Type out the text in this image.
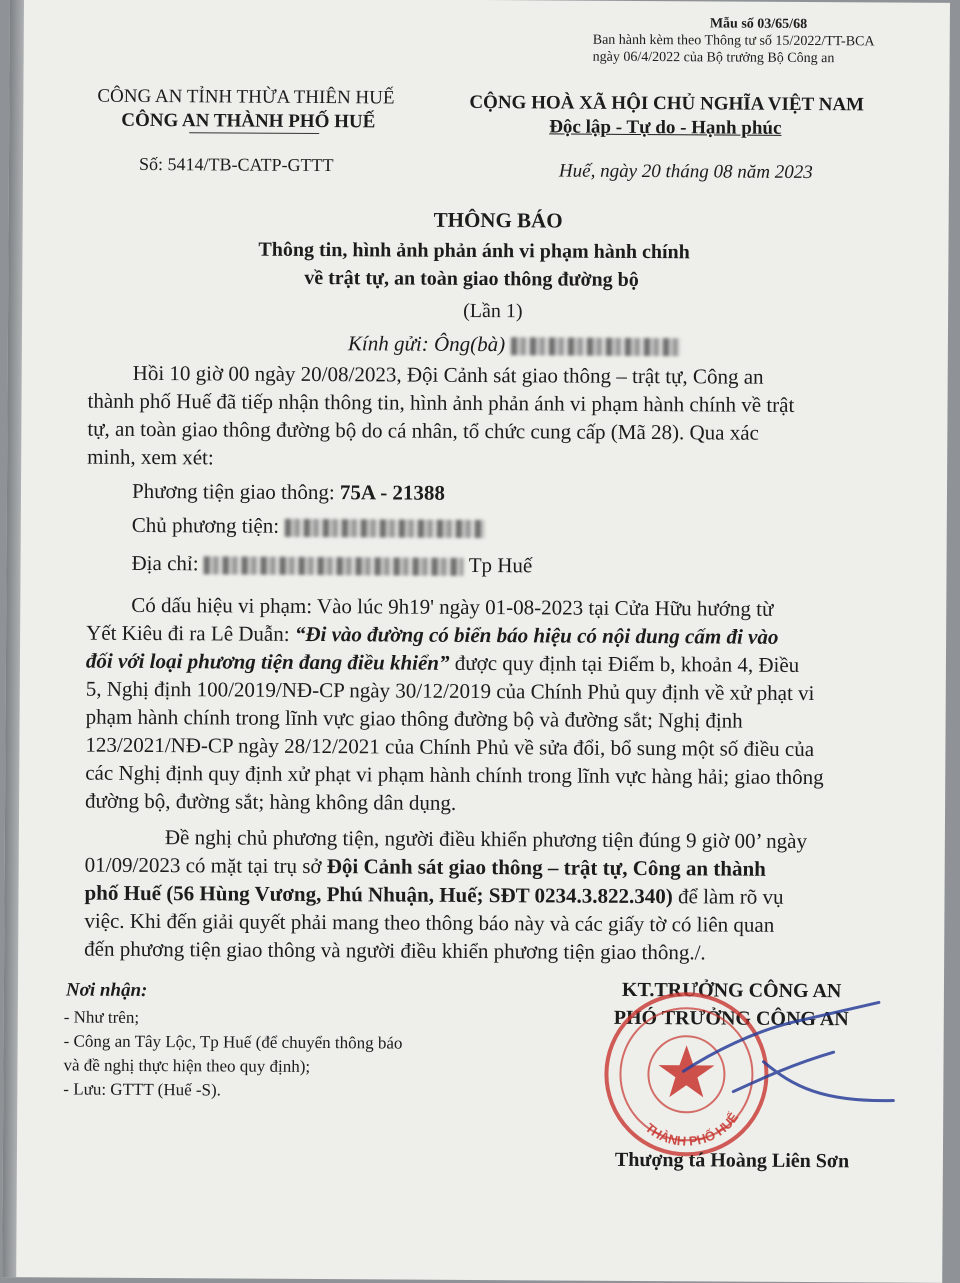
Mẫu số 03/65/68
Ban hành kèm theo Thông tư số 15/2022/TT-BCA
ngày 06/4/2022 của Bộ trưởng Bộ Công an
CÔNG AN TỈNH THỪA THIÊN HUẾ
CÔNG AN THÀNH PHỐ HUẾ
Số: 5414/TB-CATP-GTTT
CỘNG HOÀ XÃ HỘI CHỦ NGHĨA VIỆT NAM
Độc lập - Tự do - Hạnh phúc
Huế, ngày 20 tháng 08 năm 2023
THÔNG BÁO
Thông tin, hình ảnh phản ánh vi phạm hành chính
về trật tự, an toàn giao thông đường bộ
(Lần 1)
Kính gửi: Ông(bà)
Hồi 10 giờ 00 ngày 20/08/2023, Đội Cảnh sát giao thông – trật tự, Công an
thành phố Huế đã tiếp nhận thông tin, hình ảnh phản ánh vi phạm hành chính về trật
tự, an toàn giao thông đường bộ do cá nhân, tổ chức cung cấp (Mã 28). Qua xác
minh, xem xét:
Phương tiện giao thông: 75A - 21388
Chủ phương tiện:
Địa chỉ:	Tp Huế
Có dấu hiệu vi phạm: Vào lúc 9h19' ngày 01-08-2023 tại Cửa Hữu hướng từ
Yết Kiêu đi ra Lê Duẫn: “Đi vào đường có biển báo hiệu có nội dung cấm đi vào
đối với loại phương tiện đang điều khiển” được quy định tại Điểm b, khoản 4, Điều
5, Nghị định 100/2019/NĐ-CP ngày 30/12/2019 của Chính Phủ quy định về xử phạt vi
phạm hành chính trong lĩnh vực giao thông đường bộ và đường sắt; Nghị định
123/2021/NĐ-CP ngày 28/12/2021 của Chính Phủ về sửa đổi, bổ sung một số điều của
các Nghị định quy định xử phạt vi phạm hành chính trong lĩnh vực hàng hải; giao thông
đường bộ, đường sắt; hàng không dân dụng.
Đề nghị chủ phương tiện, người điều khiển phương tiện đúng 9 giờ 00’ ngày
01/09/2023 có mặt tại trụ sở Đội Cảnh sát giao thông – trật tự, Công an thành
phố Huế (56 Hùng Vương, Phú Nhuận, Huế; SĐT 0234.3.822.340) để làm rõ vụ
việc. Khi đến giải quyết phải mang theo thông báo này và các giấy tờ có liên quan
đến phương tiện giao thông và người điều khiển phương tiện giao thông./.
Nơi nhận:
- Như trên;
- Công an Tây Lộc, Tp Huế (để chuyển thông báo
và đề nghị thực hiện theo quy định);
- Lưu: GTTT (Huế -S).
KT.TRƯỞNG CÔNG AN
PHÓ TRƯỞNG CÔNG AN
THÀNH PHỐ HUẾ
Thượng tá Hoàng Liên Sơn
